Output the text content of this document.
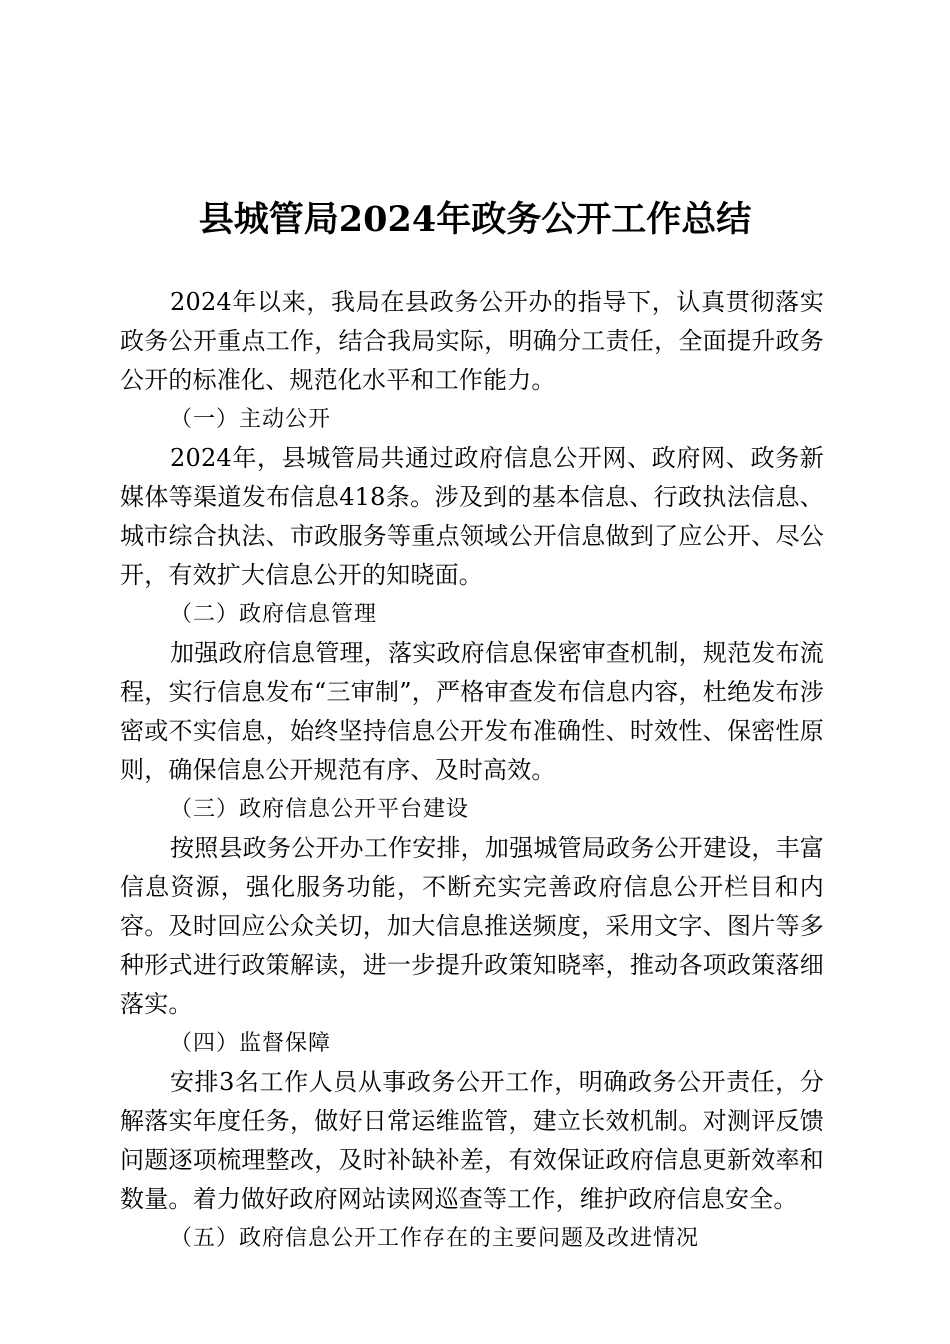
县城管局2024年政务公开工作总结

2024年以来，我局在县政务公开办的指导下，认真贯彻落实政务公开重点工作，结合我局实际，明确分工责任，全面提升政务公开的标准化、规范化水平和工作能力。

（一）主动公开

2024年，县城管局共通过政府信息公开网、政府网、政务新媒体等渠道发布信息418条。涉及到的基本信息、行政执法信息、城市综合执法、市政服务等重点领域公开信息做到了应公开、尽公开，有效扩大信息公开的知晓面。

（二）政府信息管理

加强政府信息管理，落实政府信息保密审查机制，规范发布流程，实行信息发布“三审制”，严格审查发布信息内容，杜绝发布涉密或不实信息，始终坚持信息公开发布准确性、时效性、保密性原则，确保信息公开规范有序、及时高效。

（三）政府信息公开平台建设

按照县政务公开办工作安排，加强城管局政务公开建设，丰富信息资源，强化服务功能，不断充实完善政府信息公开栏目和内容。及时回应公众关切，加大信息推送频度，采用文字、图片等多种形式进行政策解读，进一步提升政策知晓率，推动各项政策落细落实。

（四）监督保障

安排3名工作人员从事政务公开工作，明确政务公开责任，分解落实年度任务，做好日常运维监管，建立长效机制。对测评反馈问题逐项梳理整改，及时补缺补差，有效保证政府信息更新效率和数量。着力做好政府网站读网巡查等工作，维护政府信息安全。

（五）政府信息公开工作存在的主要问题及改进情况
